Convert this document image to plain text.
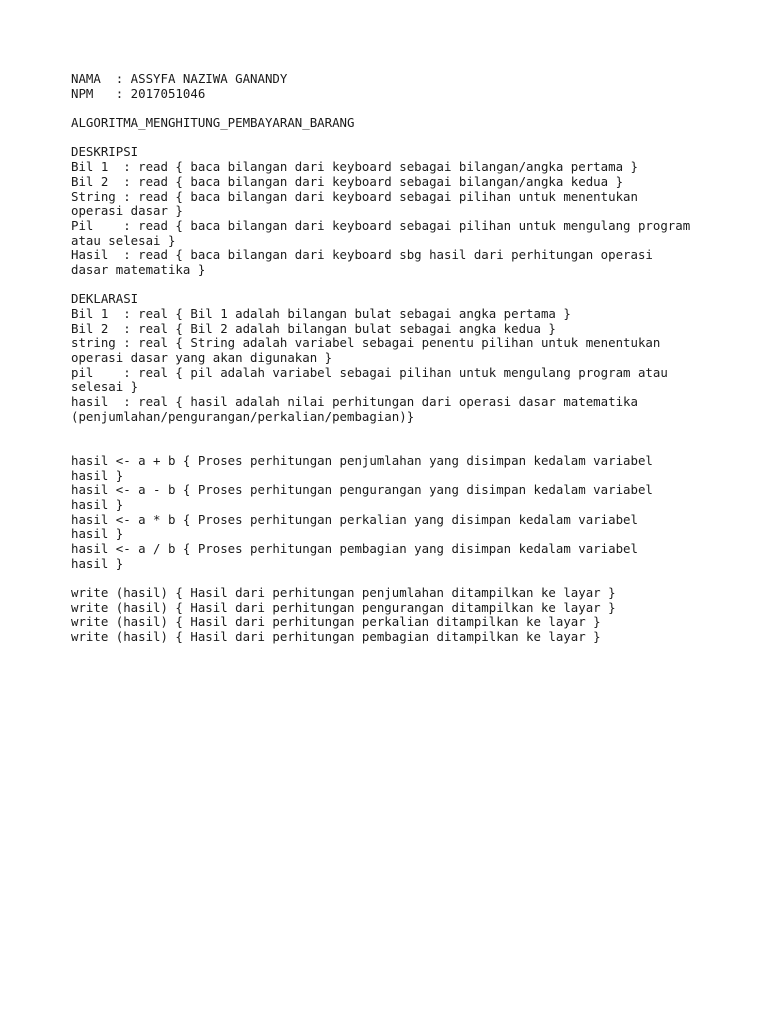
NAMA  : ASSYFA NAZIWA GANANDY
NPM   : 2017051046
ALGORITMA_MENGHITUNG_PEMBAYARAN_BARANG
DESKRIPSI
Bil 1  : read { baca bilangan dari keyboard sebagai bilangan/angka pertama }
Bil 2  : read { baca bilangan dari keyboard sebagai bilangan/angka kedua }
String : read { baca bilangan dari keyboard sebagai pilihan untuk menentukan
operasi dasar }
Pil    : read { baca bilangan dari keyboard sebagai pilihan untuk mengulang program
atau selesai }
Hasil  : read { baca bilangan dari keyboard sbg hasil dari perhitungan operasi
dasar matematika }
DEKLARASI
Bil 1  : real { Bil 1 adalah bilangan bulat sebagai angka pertama }
Bil 2  : real { Bil 2 adalah bilangan bulat sebagai angka kedua }
string : real { String adalah variabel sebagai penentu pilihan untuk menentukan
operasi dasar yang akan digunakan }
pil    : real { pil adalah variabel sebagai pilihan untuk mengulang program atau
selesai }
hasil  : real { hasil adalah nilai perhitungan dari operasi dasar matematika
(penjumlahan/pengurangan/perkalian/pembagian)}
hasil <- a + b { Proses perhitungan penjumlahan yang disimpan kedalam variabel
hasil }
hasil <- a - b { Proses perhitungan pengurangan yang disimpan kedalam variabel
hasil }
hasil <- a * b { Proses perhitungan perkalian yang disimpan kedalam variabel
hasil }
hasil <- a / b { Proses perhitungan pembagian yang disimpan kedalam variabel
hasil }
write (hasil) { Hasil dari perhitungan penjumlahan ditampilkan ke layar }
write (hasil) { Hasil dari perhitungan pengurangan ditampilkan ke layar }
write (hasil) { Hasil dari perhitungan perkalian ditampilkan ke layar }
write (hasil) { Hasil dari perhitungan pembagian ditampilkan ke layar }
